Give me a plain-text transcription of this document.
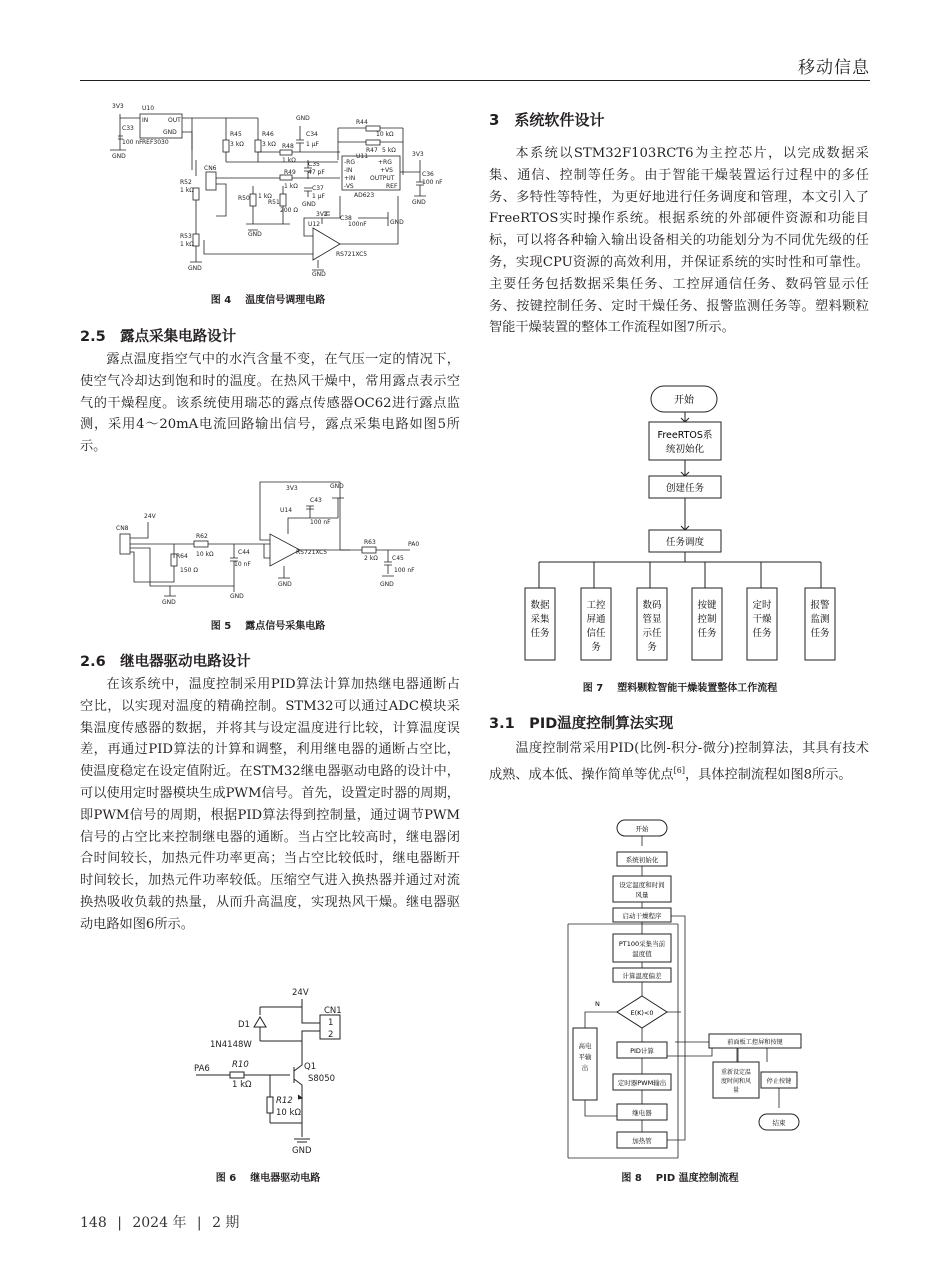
移动信息
3V3	U10
IN	OUT
GND
REF3030
C33
100 nF
GND
R45
3 kΩ
R46
3 kΩ
GND
C34
1 μF
R44
10 kΩ
R47 5 kΩ
R48
1 kΩ
C35
47 pF
U11
+RG
-RG
-IN
+IN
-VS
+VS
OUTPUT
REF
AD623
3V3
C36
100 nF
GND
CN6
R52
1 kΩ
R49
1 kΩ C37
1 μF
GND
R50 1 kΩ
R51
200 Ω
GND
3V3
U12
C38
100nF	GND
RS721XC5
R53
1 kΩ
GND
GND
图 4 温度信号调理电路
2.5　露点采集电路设计

露点温度指空气中的水汽含量不变，在气压一定的情况下，使空气冷却达到饱和时的温度。在热风干燥中，常用露点表示空气的干燥程度。该系统使用瑞芯的露点传感器OC62进行露点监测，采用4～20mA电流回路输出信号，露点采集电路如图5所示。

3V3	GND
U14
C43
100 nF
CN8
24V
R62
10 kΩ	C44
10 nF
R64
150 Ω
RS721XC5
R63
2 kΩ
PA0
C45
100 nF
GND
GND
GND
GND
图 5 露点信号采集电路
2.6　继电器驱动电路设计

在该系统中，温度控制采用PID算法计算加热继电器通断占空比，以实现对温度的精确控制。STM32可以通过ADC模块采集温度传感器的数据，并将其与设定温度进行比较，计算温度误差，再通过PID算法的计算和调整，利用继电器的通断占空比，使温度稳定在设定值附近。在STM32继电器驱动电路的设计中，可以使用定时器模块生成PWM信号。首先，设置定时器的周期，即PWM信号的周期，根据PID算法得到控制量，通过调节PWM信号的占空比来控制继电器的通断。当占空比较高时，继电器闭合时间较长，加热元件功率更高；当占空比较低时，继电器断开时间较长，加热元件功率较低。压缩空气进入换热器并通过对流换热吸收负载的热量，从而升高温度，实现热风干燥。继电器驱动电路如图6所示。

24V
D1
1N4148W
CN1
1
2
PA6	R10
1 kΩ
Q1
S8050
R12
10 kΩ
GND
图 6 继电器驱动电路
3　系统软件设计

本系统以STM32F103RCT6为主控芯片，以完成数据采集、通信、控制等任务。由于智能干燥装置运行过程中的多任务、多特性等特性，为更好地进行任务调度和管理，本文引入了FreeRTOS实时操作系统。根据系统的外部硬件资源和功能目标，可以将各种输入输出设备相关的功能划分为不同优先级的任务，实现CPU资源的高效利用，并保证系统的实时性和可靠性。主要任务包括数据采集任务、工控屏通信任务、数码管显示任务、按键控制任务、定时干燥任务、报警监测任务等。塑料颗粒智能干燥装置的整体工作流程如图7所示。

开始
FreeRTOS系
统初始化
创建任务
任务调度
数据
采集
任务
工控
屏通
信任
务
数码
管显
示任
务
按键
控制
任务
定时
干燥
任务
报警
监测
任务
图 7 塑料颗粒智能干燥装置整体工作流程
3.1　PID温度控制算法实现

温度控制常采用PID(比例-积分-微分)控制算法，其具有技术成熟、成本低、操作简单等优点[6]，具体控制流程如图8所示。

开始
系统初始化
设定温度和时间
风量
启动干燥程序
PT100采集当前
温度值
计算温度偏差
E(K)<0
N
PID计算
定时器PWM输出
继电器
加热管
高电
平输
出
前面板工控屏和按键
重新设定温
度时间和风
量
停止按键
结束
图 8 PID 温度控制流程
148 | 2024 年 | 2 期
